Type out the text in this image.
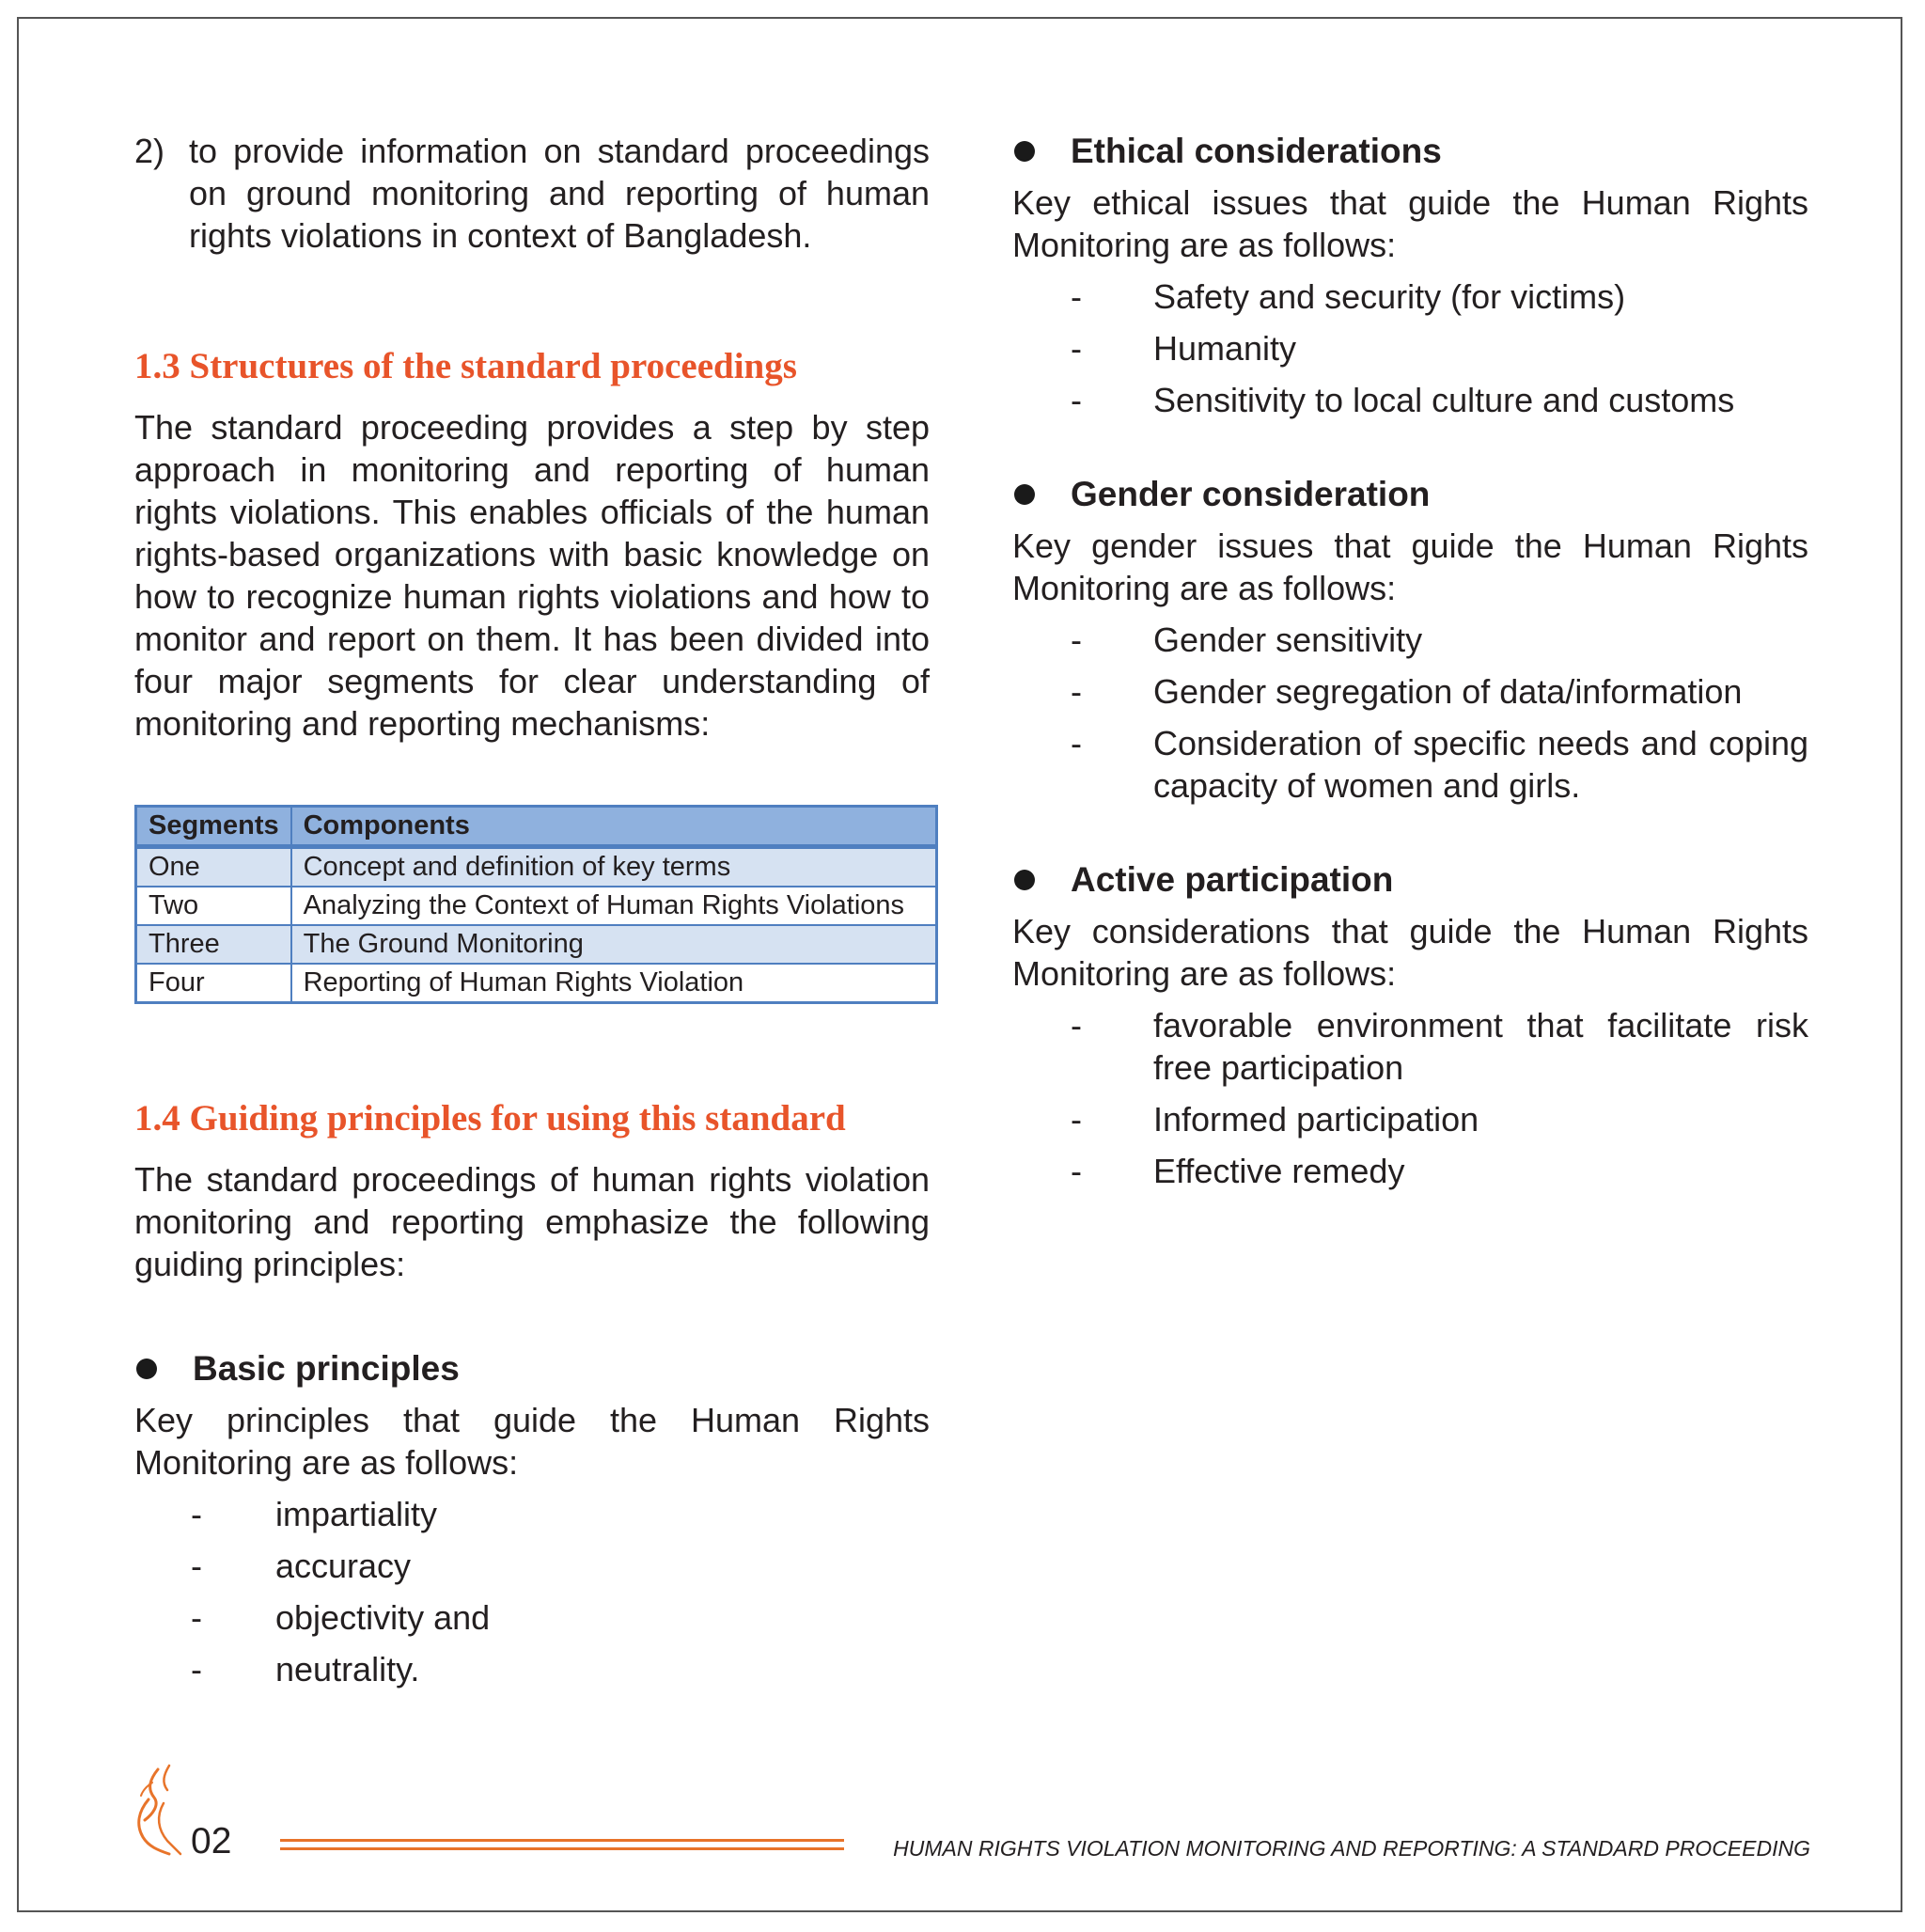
2) to provide information on standard proceedings on ground monitoring and reporting of human rights violations in context of Bangladesh.

1.3 Structures of the standard proceedings

The standard proceeding provides a step by step approach in monitoring and reporting of human rights violations. This enables officials of the human rights-based organizations with basic knowledge on how to recognize human rights violations and how to monitor and report on them. It has been divided into four major segments for clear understanding of monitoring and reporting mechanisms:

Segments	Components
One	Concept and definition of key terms
Two	Analyzing the Context of Human Rights Violations
Three	The Ground Monitoring
Four	Reporting of Human Rights Violation
1.4 Guiding principles for using this standard

The standard proceedings of human rights violation monitoring and reporting emphasize the following guiding principles:

Basic principles

Key principles that guide the Human Rights Monitoring are as follows:

- impartiality
- accuracy
- objectivity and
- neutrality.
Ethical considerations

Key ethical issues that guide the Human Rights Monitoring are as follows:

- Safety and security (for victims)
- Humanity
- Sensitivity to local culture and customs
Gender consideration

Key gender issues that guide the Human Rights Monitoring are as follows:

- Gender sensitivity
- Gender segregation of data/information
- Consideration of specific needs and coping capacity of women and girls.
Active participation

Key considerations that guide the Human Rights Monitoring are as follows:

- favorable environment that facilitate risk free participation
- Informed participation
- Effective remedy
02	HUMAN RIGHTS VIOLATION MONITORING AND REPORTING: A STANDARD PROCEEDING
